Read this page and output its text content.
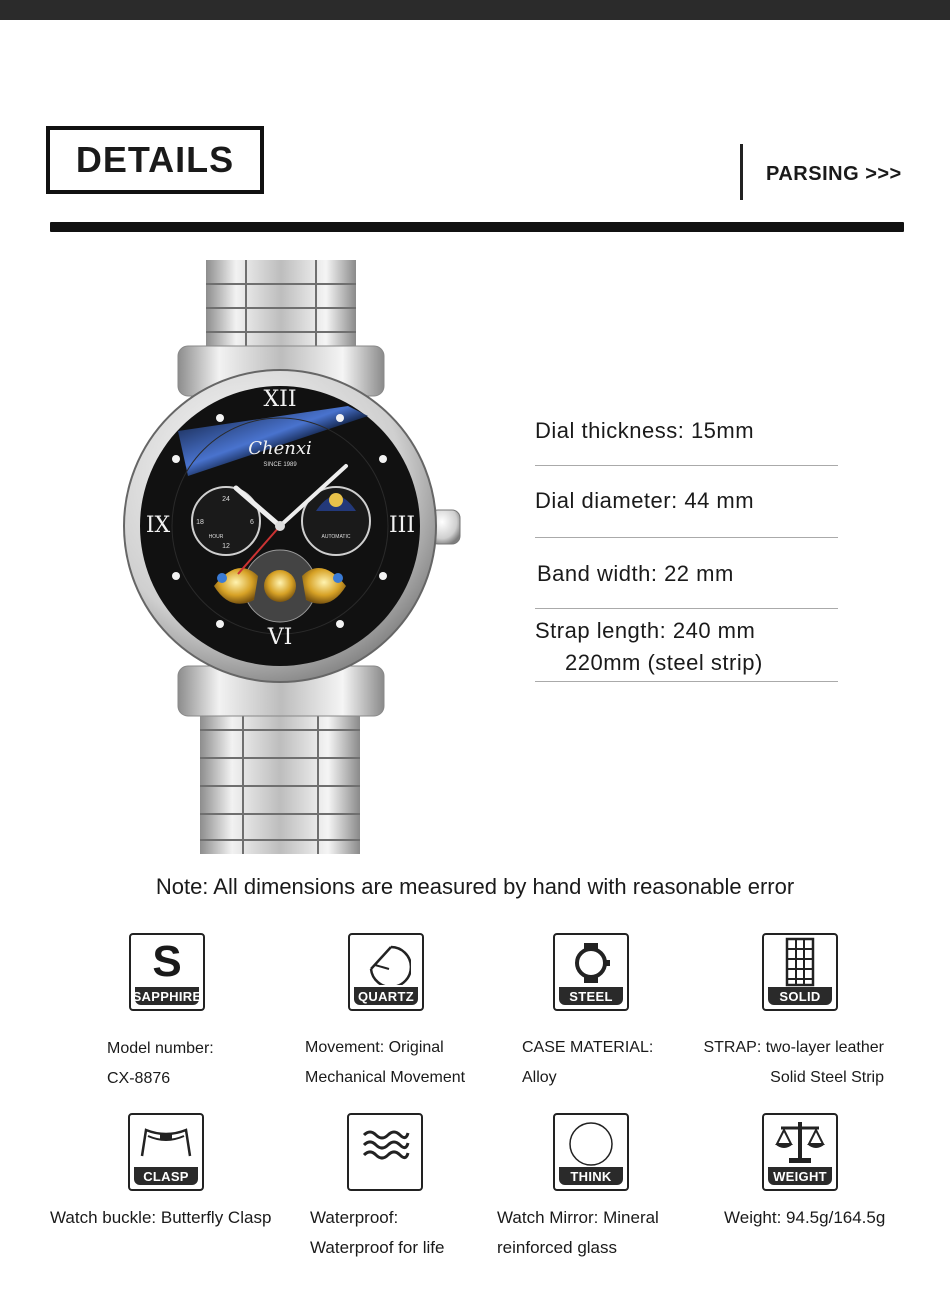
DETAILS	PARSING >>>
XII
IX	III
VI
Chenxi
SINCE 1989
24
18	6
12
HOUR	AUTOMATIC
Dial thickness: 15mm
Dial diameter: 44 mm
Band width: 22 mm
Strap length: 240 mm
220mm (steel strip)
Note: All dimensions are measured by hand with reasonable error
S
SAPPHIRE	QUARTZ	STEEL	SOLID
Model number:
CX-8876
Movement: Original
Mechanical Movement
CASE MATERIAL:
Alloy
STRAP: two-layer leather
Solid Steel Strip
CLASP	THINK	WEIGHT
Watch buckle: Butterfly Clasp Waterproof:
Waterproof for life
Watch Mirror: Mineral
reinforced glass
Weight: 94.5g/164.5g
